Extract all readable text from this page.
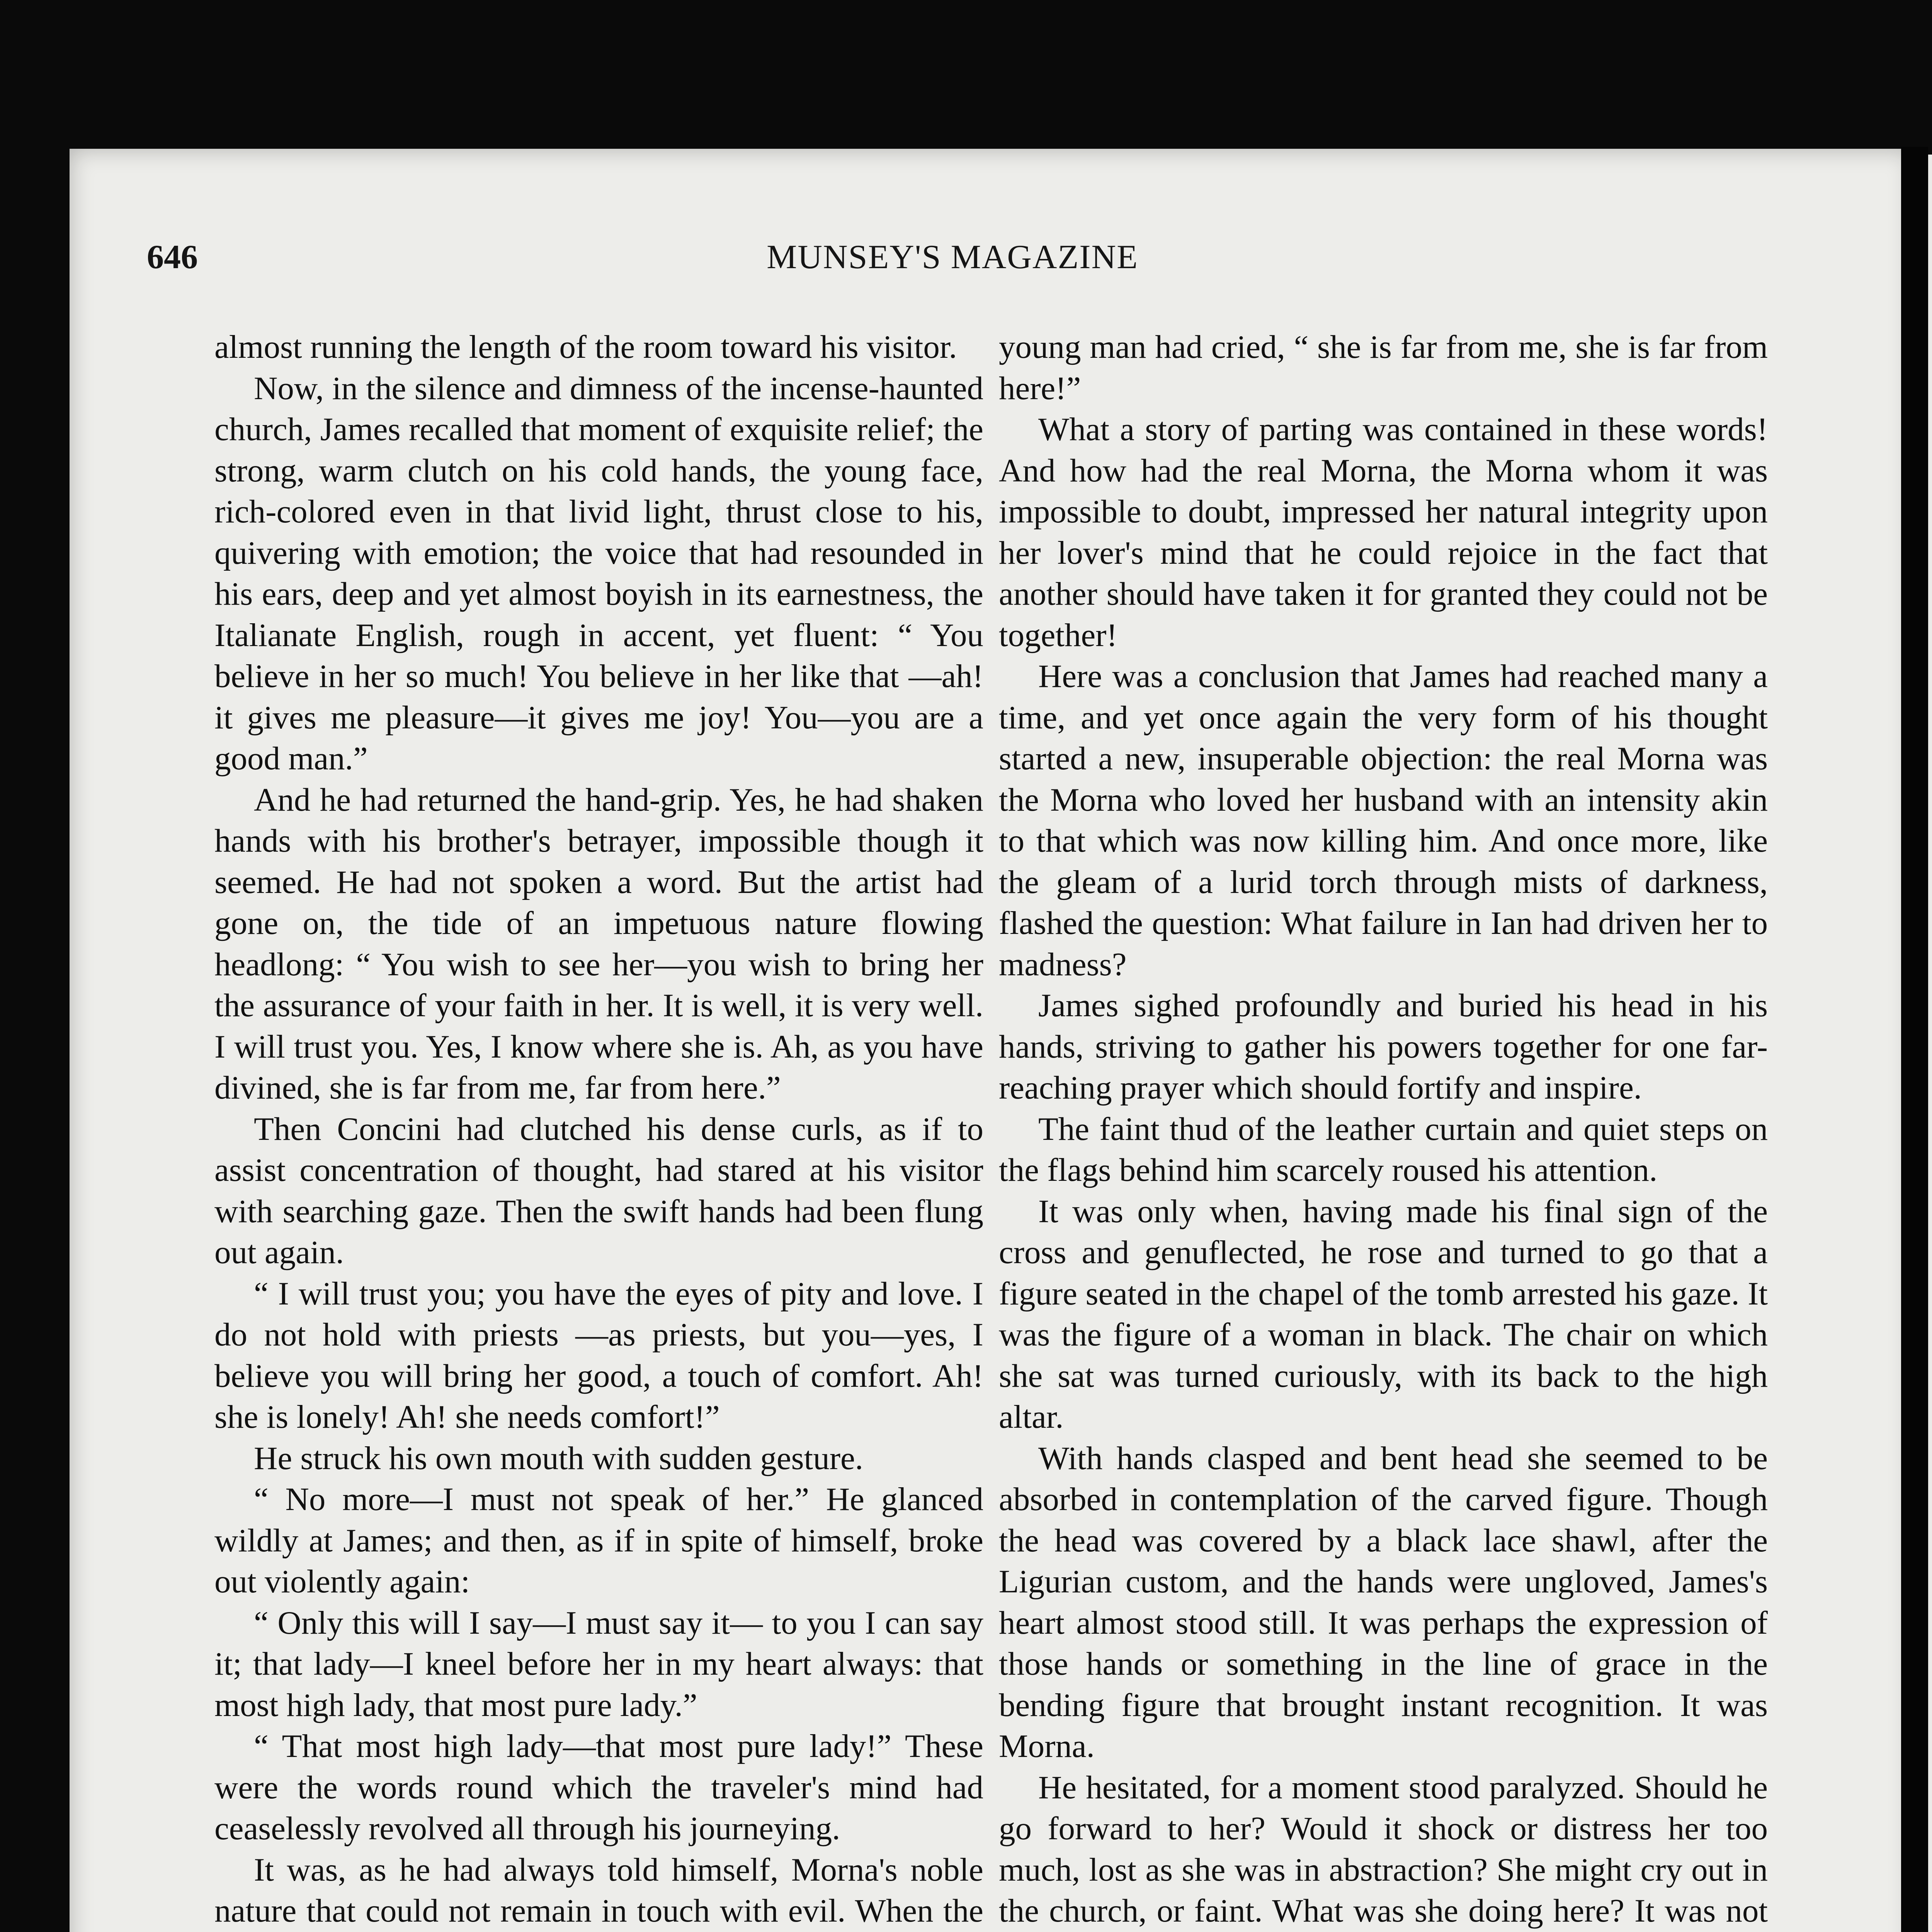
646	MUNSEY'S MAGAZINE

almost running the length of the room toward his visitor.

Now, in the silence and dimness of the incense-haunted church, James recalled that moment of exquisite relief; the strong, warm clutch on his cold hands, the young face, rich-colored even in that livid light, thrust close to his, quivering with emotion; the voice that had resounded in his ears, deep and yet almost boyish in its earnestness, the Italianate English, rough in accent, yet fluent: “ You believe in her so much! You believe in her like that —ah! it gives me pleasure—it gives me joy! You—you are a good man.”

And he had returned the hand-grip. Yes, he had shaken hands with his brother's betrayer, impossible though it seemed. He had not spoken a word. But the artist had gone on, the tide of an impetuous nature flowing headlong: “ You wish to see her—you wish to bring her the assurance of your faith in her. It is well, it is very well. I will trust you. Yes, I know where she is. Ah, as you have divined, she is far from me, far from here.”

Then Concini had clutched his dense curls, as if to assist concentration of thought, had stared at his visitor with searching gaze. Then the swift hands had been flung out again.

“ I will trust you; you have the eyes of pity and love. I do not hold with priests —as priests, but you—yes, I believe you will bring her good, a touch of comfort. Ah! she is lonely! Ah! she needs comfort!”

He struck his own mouth with sudden gesture.

“ No more—I must not speak of her.” He glanced wildly at James; and then, as if in spite of himself, broke out violently again:

“ Only this will I say—I must say it— to you I can say it; that lady—I kneel before her in my heart always: that most high lady, that most pure lady.”

“ That most high lady—that most pure lady!” These were the words round which the traveler's mind had ceaselessly revolved all through his journeying.

It was, as he had always told himself, Morna's noble nature that could not remain in touch with evil. When the

young man had cried, “ she is far from me, she is far from here!”

What a story of parting was contained in these words! And how had the real Morna, the Morna whom it was impossible to doubt, impressed her natural integrity upon her lover's mind that he could rejoice in the fact that another should have taken it for granted they could not be together!

Here was a conclusion that James had reached many a time, and yet once again the very form of his thought started a new, insuperable objection: the real Morna was the Morna who loved her husband with an intensity akin to that which was now killing him. And once more, like the gleam of a lurid torch through mists of darkness, flashed the question: What failure in Ian had driven her to madness?

James sighed profoundly and buried his head in his hands, striving to gather his powers together for one far-reaching prayer which should fortify and inspire.

The faint thud of the leather curtain and quiet steps on the flags behind him scarcely roused his attention.

It was only when, having made his final sign of the cross and genuflected, he rose and turned to go that a figure seated in the chapel of the tomb arrested his gaze. It was the figure of a woman in black. The chair on which she sat was turned curiously, with its back to the high altar.

With hands clasped and bent head she seemed to be absorbed in contemplation of the carved figure. Though the head was covered by a black lace shawl, after the Ligurian custom, and the hands were ungloved, James's heart almost stood still. It was perhaps the expression of those hands or something in the line of grace in the bending figure that brought instant recognition. It was Morna.

He hesitated, for a moment stood paralyzed. Should he go forward to her? Would it shock or distress her too much, lost as she was in abstraction? She might cry out in the church, or faint. What was she doing here? It was not
